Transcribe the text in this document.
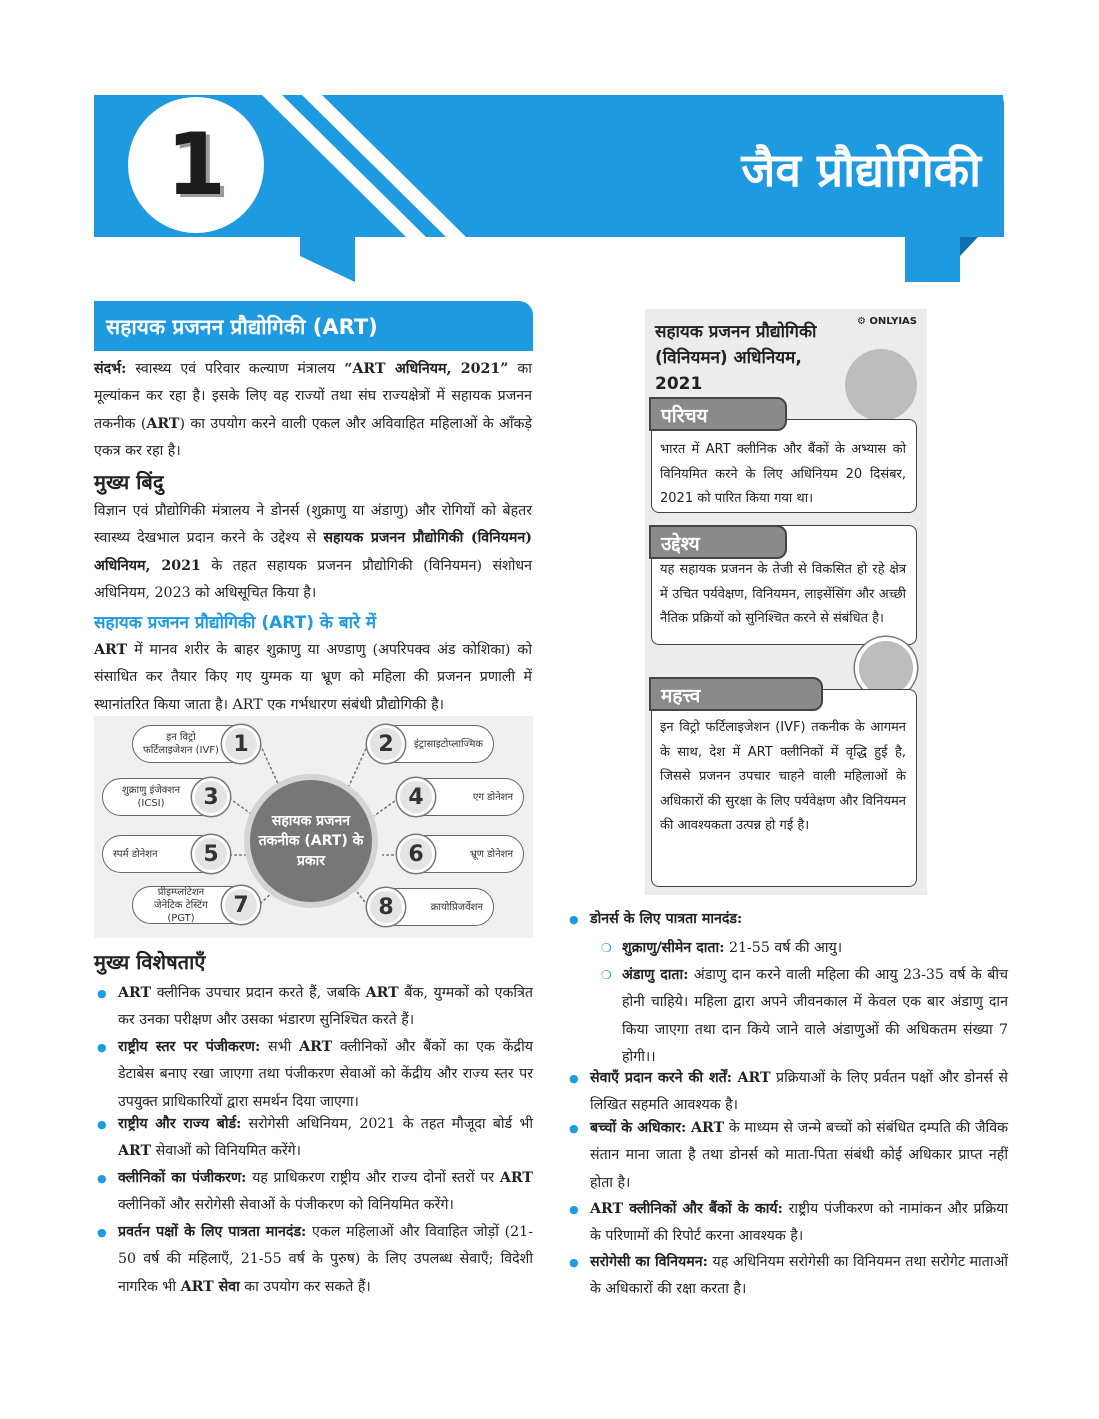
1	जैव प्रौद्योगिकी
सहायक प्रजनन प्रौद्योगिकी (ART)
संदर्भ: स्वास्थ्य एवं परिवार कल्याण मंत्रालय “ART अधिनियम, 2021” का मूल्यांकन कर रहा है। इसके लिए वह राज्यों तथा संघ राज्यक्षेत्रों में सहायक प्रजनन तकनीक (ART) का उपयोग करने वाली एकल और अविवाहित महिलाओं के आँकड़े एकत्र कर रहा है।
मुख्य बिंदु
विज्ञान एवं प्रौद्योगिकी मंत्रालय ने डोनर्स (शुक्राणु या अंडाणु) और रोगियों को बेहतर स्वास्थ्य देखभाल प्रदान करने के उद्देश्य से सहायक प्रजनन प्रौद्योगिकी (विनियमन) अधिनियम, 2021 के तहत सहायक प्रजनन प्रौद्योगिकी (विनियमन) संशोधन अधिनियम, 2023 को अधिसूचित किया है।
सहायक प्रजनन प्रौद्योगिकी (ART) के बारे में
ART में मानव शरीर के बाहर शुक्राणु या अण्डाणु (अपरिपक्व अंड कोशिका) को संसाधित कर तैयार किए गए युग्मक या भ्रूण को महिला की प्रजनन प्रणाली में स्थानांतरित किया जाता है। ART एक गर्भधारण संबंधी प्रौद्योगिकी है।
सहायक प्रजनन तकनीक (ART) के प्रकार
इन विट्रो फर्टिलाइजेशन (IVF) 1	इंट्रासाइटोप्लाज्मिक
2
शुक्राणु इंजेक्शन (ICSI)	3	एग डोनेशन
4
स्पर्म डोनेशन	5	भ्रूण डोनेशन
6
प्रीइम्प्लांटेशन जेनेटिक टेस्टिंग (PGT)
7	क्रायोप्रिजर्वेशन
8
मुख्य विशेषताएँ
● ART क्लीनिक उपचार प्रदान करते हैं, जबकि ART बैंक, युग्मकों को एकत्रित कर उनका परीक्षण और उसका भंडारण सुनिश्चित करते हैं।
● राष्ट्रीय स्तर पर पंजीकरण: सभी ART क्लीनिकों और बैंकों का एक केंद्रीय डेटाबेस बनाए रखा जाएगा तथा पंजीकरण सेवाओं को केंद्रीय और राज्य स्तर पर उपयुक्त प्राधिकारियों द्वारा समर्थन दिया जाएगा।
● राष्ट्रीय और राज्य बोर्ड: सरोगेसी अधिनियम, 2021 के तहत मौजूदा बोर्ड भी ART सेवाओं को विनियमित करेंगे।
● क्लीनिकों का पंजीकरण: यह प्राधिकरण राष्ट्रीय और राज्य दोनों स्तरों पर ART क्लीनिकों और सरोगेसी सेवाओं के पंजीकरण को विनियमित करेंगे।
● प्रवर्तन पक्षों के लिए पात्रता मानदंड: एकल महिलाओं और विवाहित जोड़ों (21-50 वर्ष की महिलाएँ, 21-55 वर्ष के पुरुष) के लिए उपलब्ध सेवाएँ; विदेशी नागरिक भी ART सेवा का उपयोग कर सकते हैं।
सहायक प्रजनन प्रौद्योगिकी (विनियमन) अधिनियम, 2021
⚙ ONLYIAS
भारत में ART क्लीनिक और बैंकों के अभ्यास को विनियमित करने के लिए अधिनियम 20 दिसंबर, 2021 को पारित किया गया था।
परिचय
यह सहायक प्रजनन के तेजी से विकसित हो रहे क्षेत्र में उचित पर्यवेक्षण, विनियमन, लाइसेंसिंग और अच्छी नैतिक प्रक्रियों को सुनिश्चित करने से संबंधित है।
उद्देश्य
इन विट्रो फर्टिलाइजेशन (IVF) तकनीक के आगमन के साथ, देश में ART क्लीनिकों में वृद्धि हुई है, जिससे प्रजनन उपचार चाहने वाली महिलाओं के अधिकारों की सुरक्षा के लिए पर्यवेक्षण और विनियमन की आवश्यकता उत्पन्न हो गई है।
महत्त्व
● डोनर्स के लिए पात्रता मानदंड:
❍ शुक्राणु/सीमेन दाता: 21-55 वर्ष की आयु।
❍ अंडाणु दाता: अंडाणु दान करने वाली महिला की आयु 23-35 वर्ष के बीच होनी चाहिये। महिला द्वारा अपने जीवनकाल में केवल एक बार अंडाणु दान किया जाएगा तथा दान किये जाने वाले अंडाणुओं की अधिकतम संख्या 7 होगी।।
● सेवाएँ प्रदान करने की शर्तें: ART प्रक्रियाओं के लिए प्रर्वतन पक्षों और डोनर्स से लिखित सहमति आवश्यक है।
● बच्चों के अधिकार: ART के माध्यम से जन्मे बच्चों को संबंधित दम्पति की जैविक संतान माना जाता है तथा डोनर्स को माता-पिता संबंधी कोई अधिकार प्राप्त नहीं होता है।
● ART क्लीनिकों और बैंकों के कार्य: राष्ट्रीय पंजीकरण को नामांकन और प्रक्रिया के परिणामों की रिपोर्ट करना आवश्यक है।
● सरोगेसी का विनियमन: यह अधिनियम सरोगेसी का विनियमन तथा सरोगेट माताओं के अधिकारों की रक्षा करता है।
